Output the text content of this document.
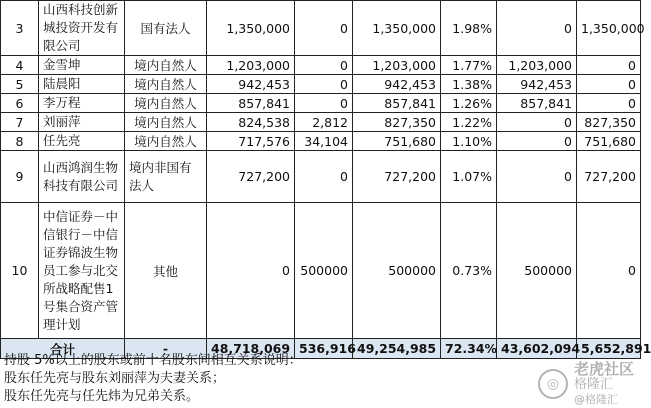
3	山西科技创新城投资开发有限公司	国有法人	1,350,000	0	1,350,000	1.98%	0	1,350,000
4	金雪坤	境内自然人	1,203,000	0	1,203,000	1.77%	1,203,000	0
5	陆晨阳	境内自然人	942,453	0	942,453	1.38%	942,453	0
6	李万程	境内自然人	857,841	0	857,841	1.26%	857,841	0
7	刘丽萍	境内自然人	824,538	2,812	827,350	1.22%	0	827,350
8	任先亮	境内自然人	717,576	34,104	751,680	1.10%	0	751,680
9	山西鸿润生物科技有限公司	境内非国有法人	727,200	0	727,200	1.07%	0	727,200
10	中信证券－中信银行－中信证券锦波生物员工参与北交所战略配售1号集合资产管理计划	其他	0	500000	500000	0.73%	500000	0
合计		-	48,718,069	536,916	49,254,985	72.34%	43,602,094	5,652,891
持股 5%以上的股东或前十名股东间相互关系说明：
股东任先亮与股东刘丽萍为夫妻关系；
股东任先亮与任先炜为兄弟关系。
◎
老虎社区
格隆汇
@格隆汇
